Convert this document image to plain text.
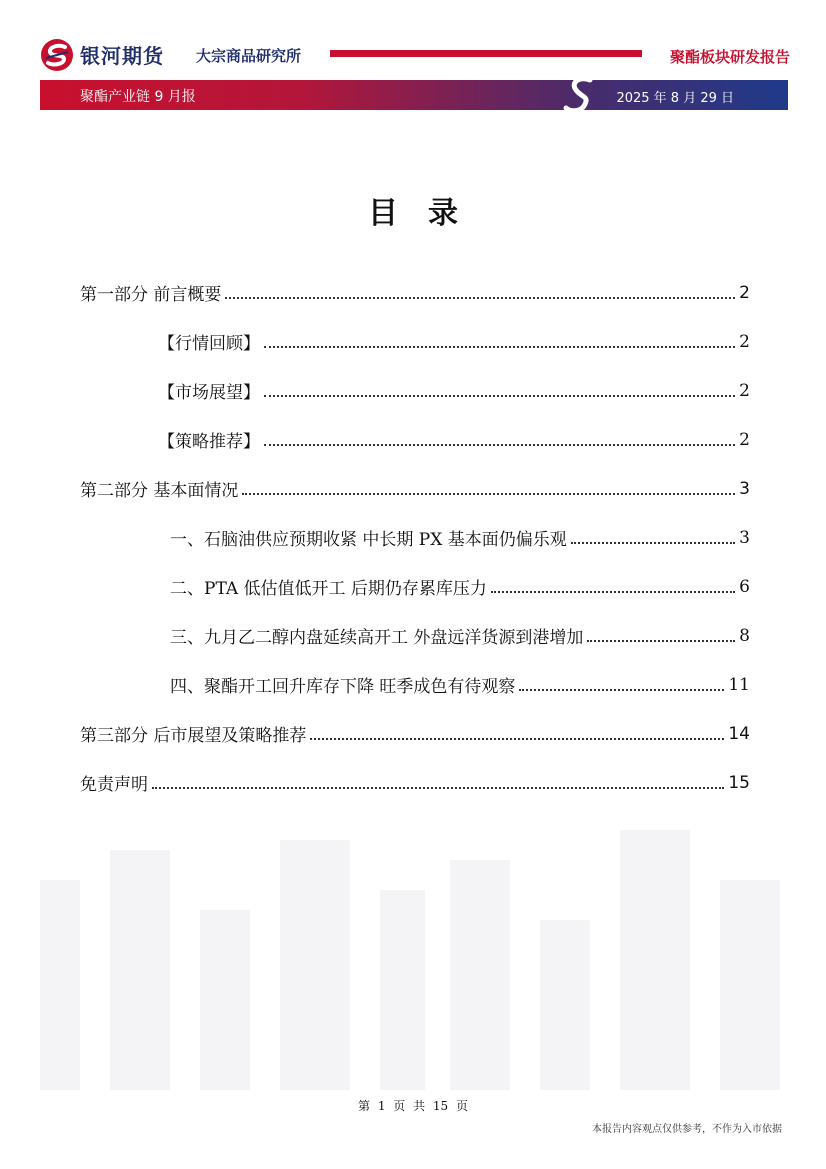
银河期货 大宗商品研究所	聚酯板块研发报告
聚酯产业链 9 月报	2025 年 8 月 29 日
目录
第一部分 前言概要	2
【行情回顾】	2
【市场展望】	2
【策略推荐】	2
第二部分 基本面情况	3
一、石脑油供应预期收紧 中长期 PX 基本面仍偏乐观	3
二、PTA 低估值低开工 后期仍存累库压力	6
三、九月乙二醇内盘延续高开工 外盘远洋货源到港增加	8
四、聚酯开工回升库存下降 旺季成色有待观察	11
第三部分 后市展望及策略推荐	14
免责声明	15
第 1 页 共 15 页
本报告内容观点仅供参考，不作为入市依据
